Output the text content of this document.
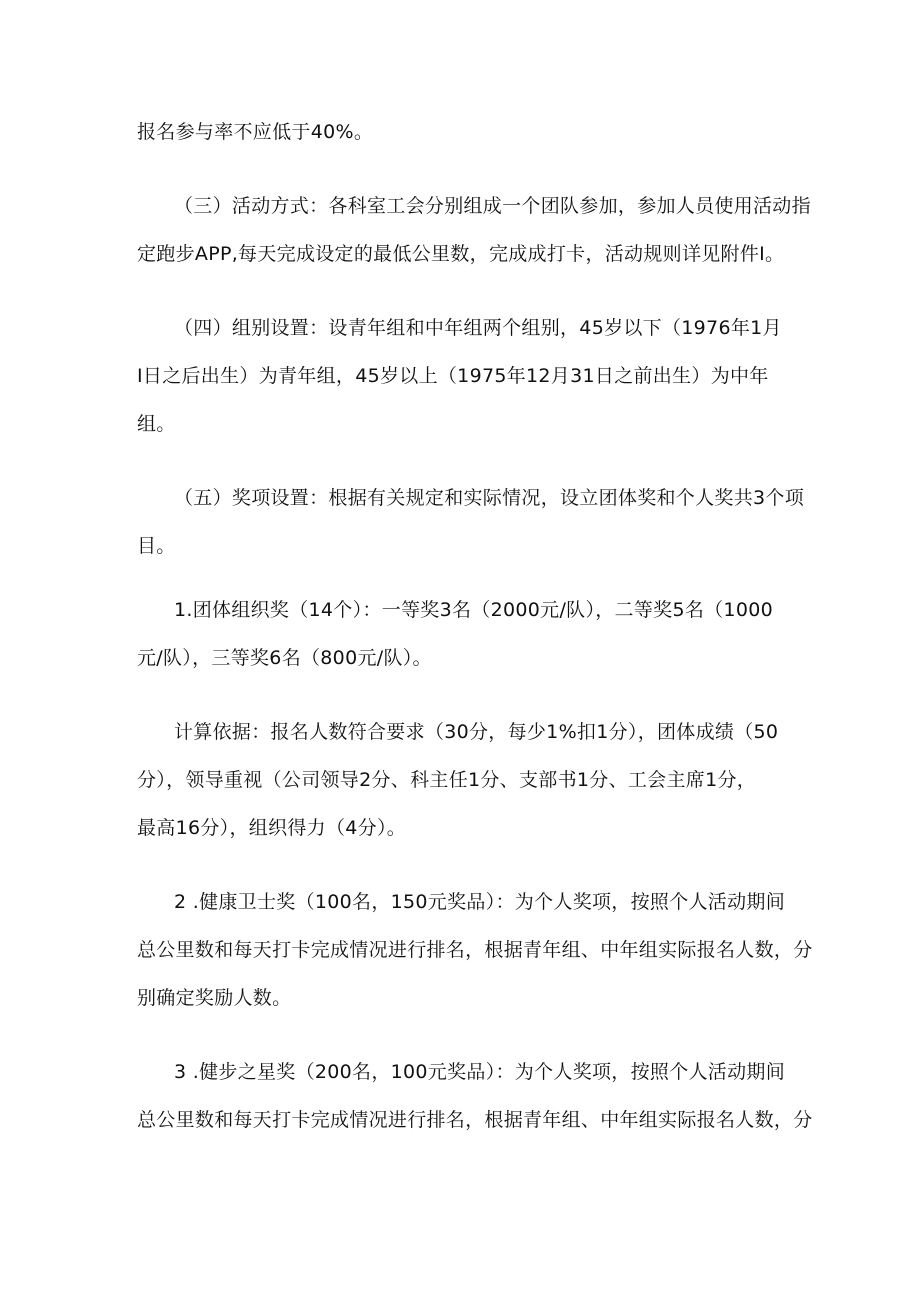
报名参与率不应低于40%。
（三）活动方式：各科室工会分别组成一个团队参加，参加人员使用活动指
定跑步APP,每天完成设定的最低公里数，完成成打卡，活动规则详见附件I。
（四）组别设置：设青年组和中年组两个组别，45岁以下（1976年1月
I日之后出生）为青年组，45岁以上（1975年12月31日之前出生）为中年
组。
（五）奖项设置：根据有关规定和实际情况，设立团体奖和个人奖共3个项
目。
1.团体组织奖（14个）：一等奖3名（2000元/队），二等奖5名（1000
元/队），三等奖6名（800元/队）。
计算依据：报名人数符合要求（30分，每少1%扣1分），团体成绩（50
分），领导重视（公司领导2分、科主任1分、支部书1分、工会主席1分，
最高16分），组织得力（4分）。
2 .健康卫士奖（100名，150元奖品）：为个人奖项，按照个人活动期间
总公里数和每天打卡完成情况进行排名，根据青年组、中年组实际报名人数，分
别确定奖励人数。
3 .健步之星奖（200名，100元奖品）：为个人奖项，按照个人活动期间
总公里数和每天打卡完成情况进行排名，根据青年组、中年组实际报名人数，分
